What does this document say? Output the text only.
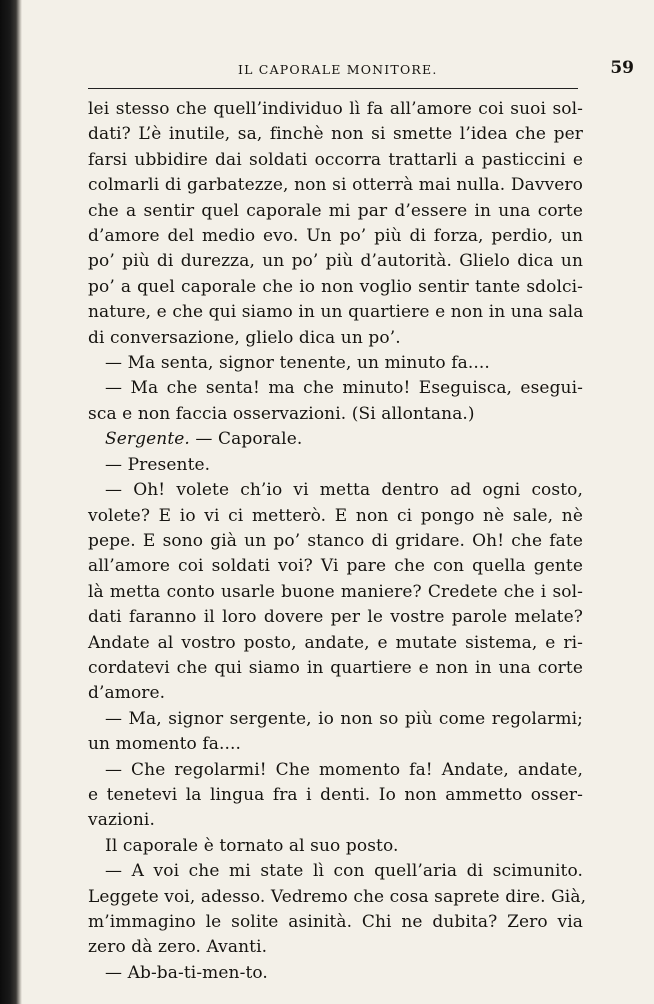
IL CAPORALE MONITORE.	59
lei stesso che quell’individuo lì fa all’amore coi suoi sol-
dati? L’è inutile, sa, finchè non si smette l’idea che per
farsi ubbidire dai soldati occorra trattarli a pasticcini e
colmarli di garbatezze, non si otterrà mai nulla. Davvero
che a sentir quel caporale mi par d’essere in una corte
d’amore del medio evo. Un po’ più di forza, perdio, un
po’ più di durezza, un po’ più d’autorità. Glielo dica un
po’ a quel caporale che io non voglio sentir tante sdolci-
nature, e che qui siamo in un quartiere e non in una sala
di conversazione, glielo dica un po’.
— Ma senta, signor tenente, un minuto fa....
— Ma che senta! ma che minuto! Eseguisca, esegui-
sca e non faccia osservazioni. (Si allontana.)
Sergente. — Caporale.
— Presente.
— Oh! volete ch’io vi metta dentro ad ogni costo,
volete? E io vi ci metterò. E non ci pongo nè sale, nè
pepe. E sono già un po’ stanco di gridare. Oh! che fate
all’amore coi soldati voi? Vi pare che con quella gente
là metta conto usarle buone maniere? Credete che i sol-
dati faranno il loro dovere per le vostre parole melate?
Andate al vostro posto, andate, e mutate sistema, e ri-
cordatevi che qui siamo in quartiere e non in una corte
d’amore.
— Ma, signor sergente, io non so più come regolarmi;
un momento fa....
— Che regolarmi! Che momento fa! Andate, andate,
e tenetevi la lingua fra i denti. Io non ammetto osser-
vazioni.
Il caporale è tornato al suo posto.
— A voi che mi state lì con quell’aria di scimunito.
Leggete voi, adesso. Vedremo che cosa saprete dire. Già,
m’immagino le solite asinità. Chi ne dubita? Zero via
zero dà zero. Avanti.
— Ab-ba-ti-men-to.
